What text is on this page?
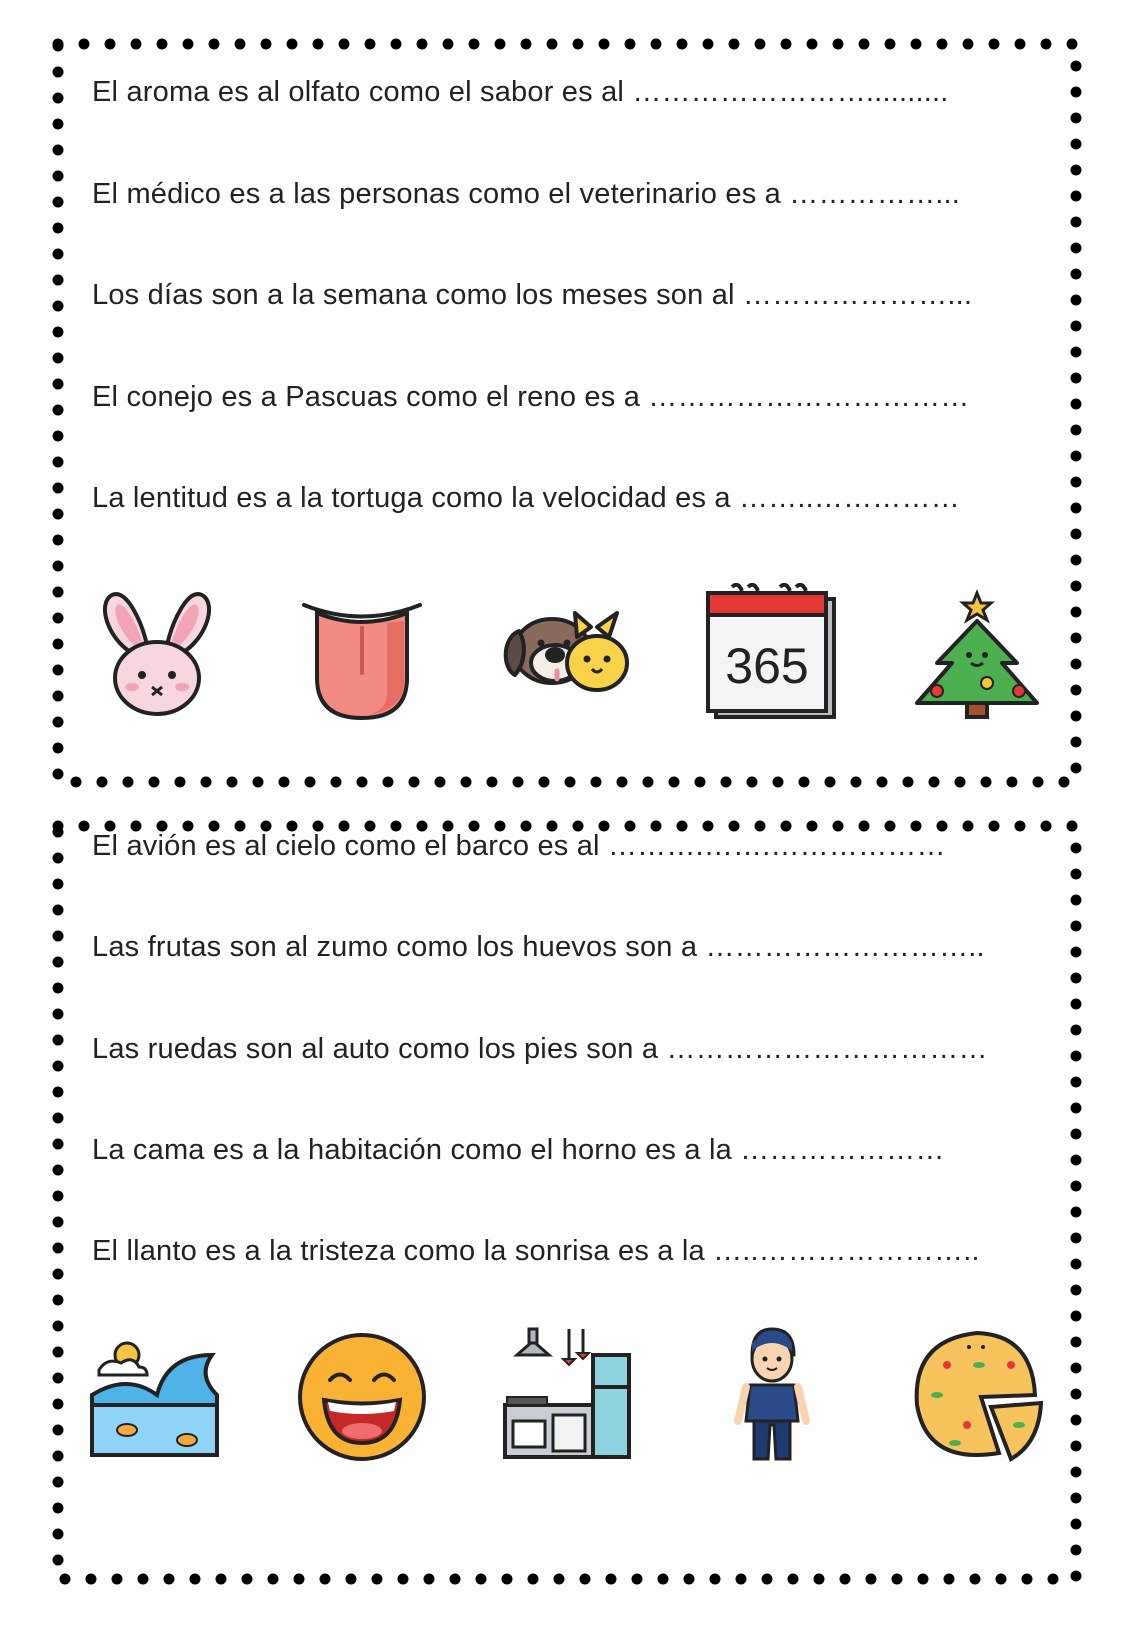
El aroma es al olfato como el sabor es al ……………………..........
El médico es a las personas como el veterinario es a ……………...
Los días son a la semana como los meses son al …………………...
El conejo es a Pascuas como el reno es a ……………………………
La lentitud es a la tortuga como la velocidad es a ……..……………
365
El avión es al cielo como el barco es al ……….…….………………
Las frutas son al zumo como los huevos son a ………………………..
Las ruedas son al auto como los pies son a ……………………………
La cama es a la habitación como el horno es a la …………………
El llanto es a la tristeza como la sonrisa es a la …..…………………..
